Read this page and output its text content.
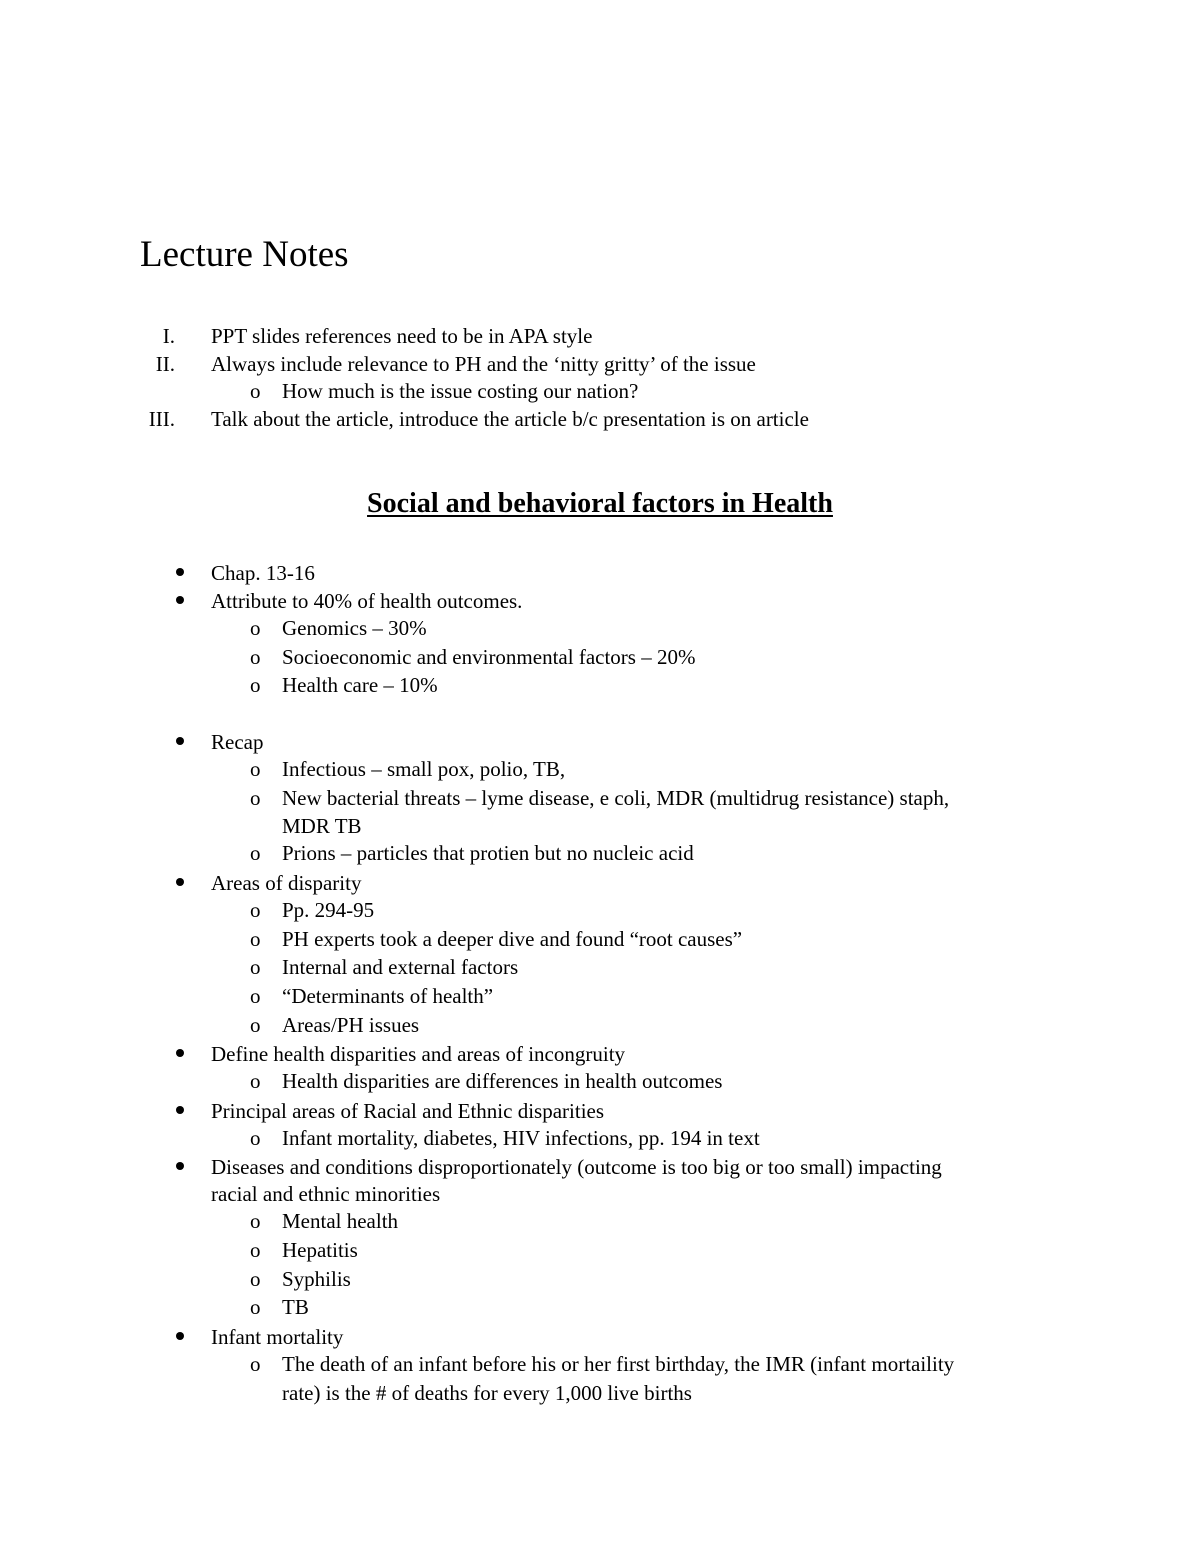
Lecture Notes
I. PPT slides references need to be in APA style
II. Always include relevance to PH and the ‘nitty gritty’ of the issue
o How much is the issue costing our nation?
III. Talk about the article, introduce the article b/c presentation is on article
Social and behavioral factors in Health
Chap. 13-16
Attribute to 40% of health outcomes.
o Genomics – 30%
o Socioeconomic and environmental factors – 20%
o Health care – 10%
Recap
o Infectious – small pox, polio, TB,
o New bacterial threats – lyme disease, e coli, MDR (multidrug resistance) staph,
MDR TB
o Prions – particles that protien but no nucleic acid
Areas of disparity
o Pp. 294-95
o PH experts took a deeper dive and found “root causes”
o Internal and external factors
o “Determinants of health”
o Areas/PH issues
Define health disparities and areas of incongruity
o Health disparities are differences in health outcomes
Principal areas of Racial and Ethnic disparities
o Infant mortality, diabetes, HIV infections, pp. 194 in text
Diseases and conditions disproportionately (outcome is too big or too small) impacting
racial and ethnic minorities
o Mental health
o Hepatitis
o Syphilis
o TB
Infant mortality
o The death of an infant before his or her first birthday, the IMR (infant mortaility
rate) is the # of deaths for every 1,000 live births
